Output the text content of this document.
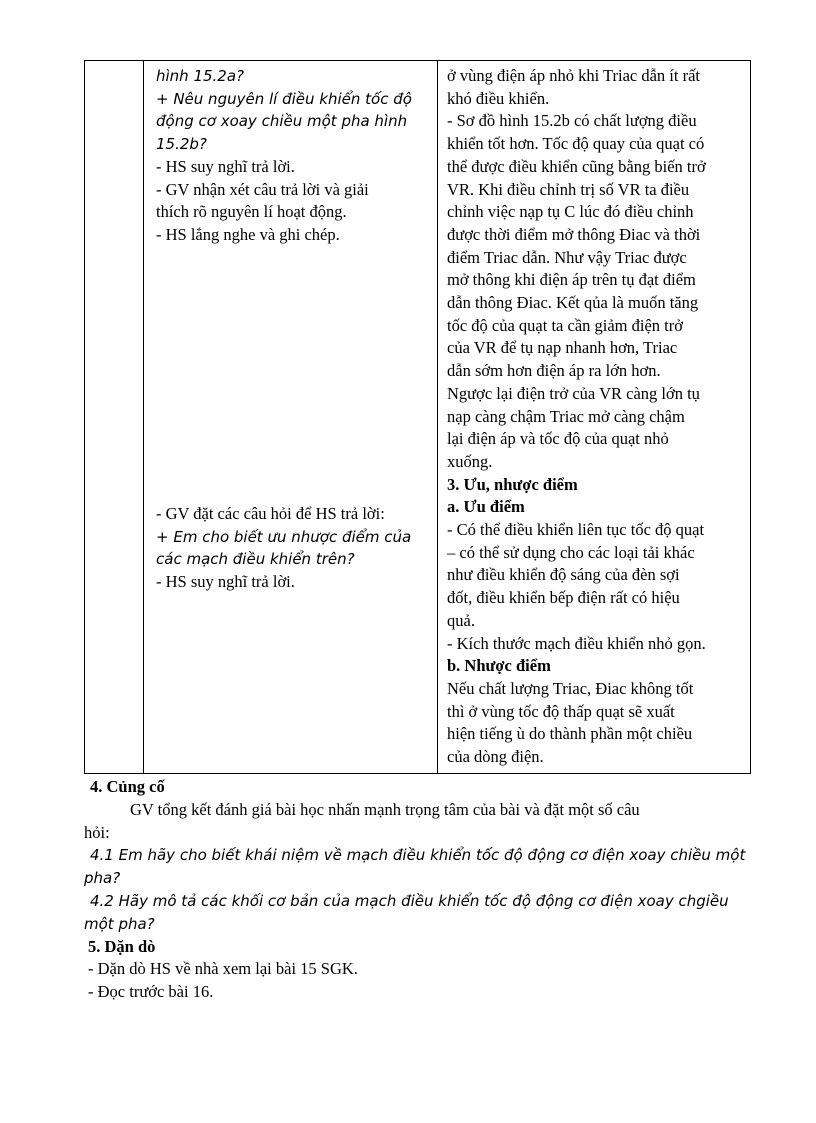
hình 15.2a?
+ Nêu nguyên lí điều khiển tốc độ
động cơ xoay chiều một pha hình
15.2b?
- HS suy nghĩ trả lời.
- GV nhận xét câu trả lời và giải
thích rõ nguyên lí hoạt động.
- HS lắng nghe và ghi chép.
- GV đặt các câu hỏi để HS trả lời:
+ Em cho biết ưu nhược điểm của
các mạch điều khiển trên?
- HS suy nghĩ trả lời.
ở vùng điện áp nhỏ khi Triac dẫn ít rất
khó điều khiển.
- Sơ đồ hình 15.2b có chất lượng điều
khiển tốt hơn. Tốc độ quay của quạt có
thể được điều khiển cũng bằng biến trở
VR. Khi điều chỉnh trị số VR ta điều
chỉnh việc nạp tụ C lúc đó điều chỉnh
được thời điểm mở thông Điac và thời
điểm Triac dẫn. Như vậy Triac được
mở thông khi điện áp trên tụ đạt điểm
dẫn thông Điac. Kết qủa là muốn tăng
tốc độ của quạt ta cần giảm điện trở
của VR để tụ nạp nhanh hơn, Triac
dẫn sớm hơn điện áp ra lớn hơn.
Ngược lại điện trở của VR càng lớn tụ
nạp càng chậm Triac mở càng chậm
lại điện áp và tốc độ của quạt nhỏ
xuống.
3. Ưu, nhược điểm
a. Ưu điểm
- Có thể điều khiển liên tục tốc độ quạt
– có thể sử dụng cho các loại tải khác
như điều khiển độ sáng của đèn sợi
đốt, điều khiển bếp điện rất có hiệu
quả.
- Kích thước mạch điều khiển nhỏ gọn.
b. Nhược điểm
Nếu chất lượng Triac, Điac không tốt
thì ở vùng tốc độ thấp quạt sẽ xuất
hiện tiếng ù do thành phần một chiều
của dòng điện.
4. Củng cố
GV tổng kết đánh giá bài học nhấn mạnh trọng tâm của bài và đặt một số câu
hỏi:
4.1 Em hãy cho biết khái niệm về mạch điều khiển tốc độ động cơ điện xoay chiều một
pha?
4.2 Hãy mô tả các khối cơ bản của mạch điều khiển tốc độ động cơ điện xoay chgiều
một pha?
5. Dặn dò
- Dặn dò HS về nhà xem lại bài 15 SGK.
- Đọc trước bài 16.
